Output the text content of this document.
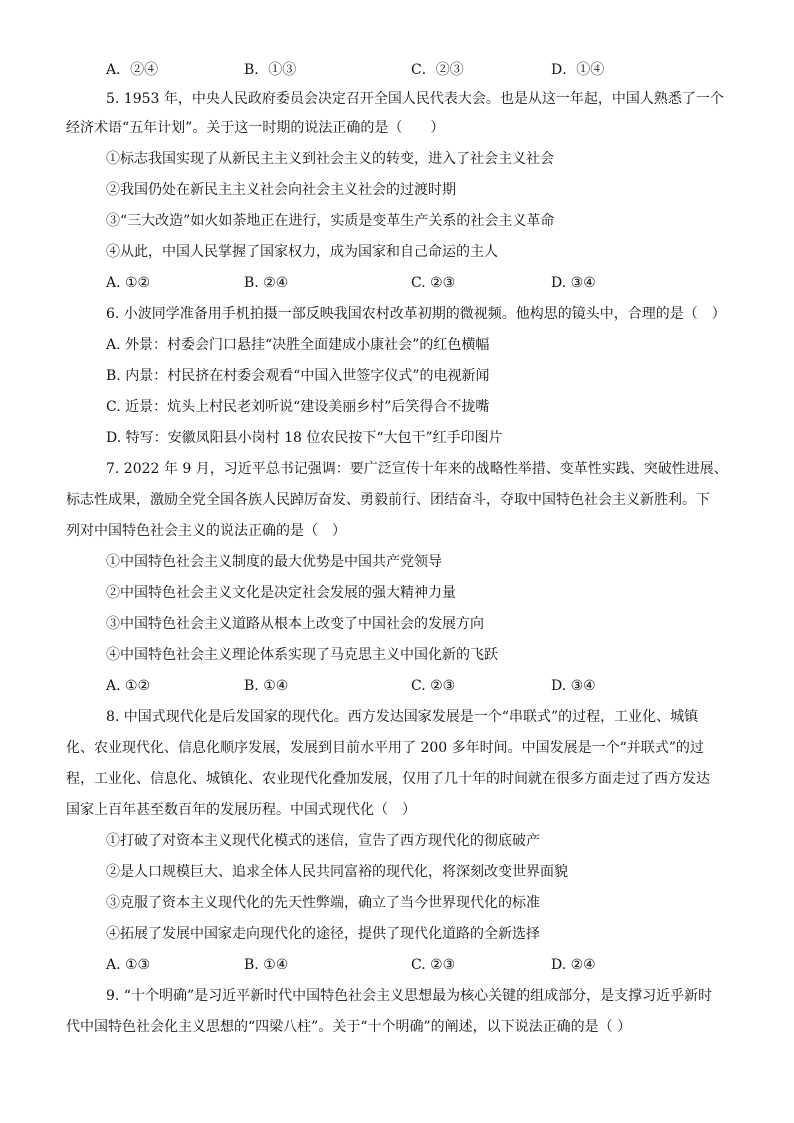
A．②④	B．①③	C．②③	D．①④
5. 1953 年，中央人民政府委员会决定召开全国人民代表大会。也是从这一年起，中国人熟悉了一个
经济术语“五年计划”。关于这一时期的说法正确的是（　　）
①标志我国实现了从新民主主义到社会主义的转变，进入了社会主义社会
②我国仍处在新民主主义社会向社会主义社会的过渡时期
③“三大改造”如火如荼地正在进行，实质是变革生产关系的社会主义革命
④从此，中国人民掌握了国家权力，成为国家和自己命运的主人
A. ①②	B. ②④	C. ②③	D. ③④
6. 小波同学准备用手机拍摄一部反映我国农村改革初期的微视频。他构思的镜头中，合理的是（　）
A. 外景：村委会门口悬挂“决胜全面建成小康社会”的红色横幅
B. 内景：村民挤在村委会观看“中国入世签字仪式”的电视新闻
C. 近景：炕头上村民老刘听说“建设美丽乡村”后笑得合不拢嘴
D. 特写：安徽凤阳县小岗村 18 位农民按下“大包干”红手印图片
7. 2022 年 9 月，习近平总书记强调：要广泛宣传十年来的战略性举措、变革性实践、突破性进展、
标志性成果，激励全党全国各族人民踔厉奋发、勇毅前行、团结奋斗，夺取中国特色社会主义新胜利。下
列对中国特色社会主义的说法正确的是（　）
①中国特色社会主义制度的最大优势是中国共产党领导
②中国特色社会主义文化是决定社会发展的强大精神力量
③中国特色社会主义道路从根本上改变了中国社会的发展方向
④中国特色社会主义理论体系实现了马克思主义中国化新的飞跃
A. ①②	B. ①④	C. ②③	D. ③④
8. 中国式现代化是后发国家的现代化。西方发达国家发展是一个“串联式”的过程，工业化、城镇
化、农业现代化、信息化顺序发展，发展到目前水平用了 200 多年时间。中国发展是一个“并联式”的过
程，工业化、信息化、城镇化、农业现代化叠加发展，仅用了几十年的时间就在很多方面走过了西方发达
国家上百年甚至数百年的发展历程。中国式现代化（　）
①打破了对资本主义现代化模式的迷信，宣告了西方现代化的彻底破产
②是人口规模巨大、追求全体人民共同富裕的现代化，将深刻改变世界面貌
③克服了资本主义现代化的先天性弊端，确立了当今世界现代化的标准
④拓展了发展中国家走向现代化的途径，提供了现代化道路的全新选择
A. ①③	B. ①④	C. ②③	D. ②④
9. “十个明确”是习近平新时代中国特色社会主义思想最为核心关键的组成部分，是支撑习近乎新时
代中国特色社会化主义思想的“四梁八柱”。关于“十个明确”的阐述，以下说法正确的是（ ）
